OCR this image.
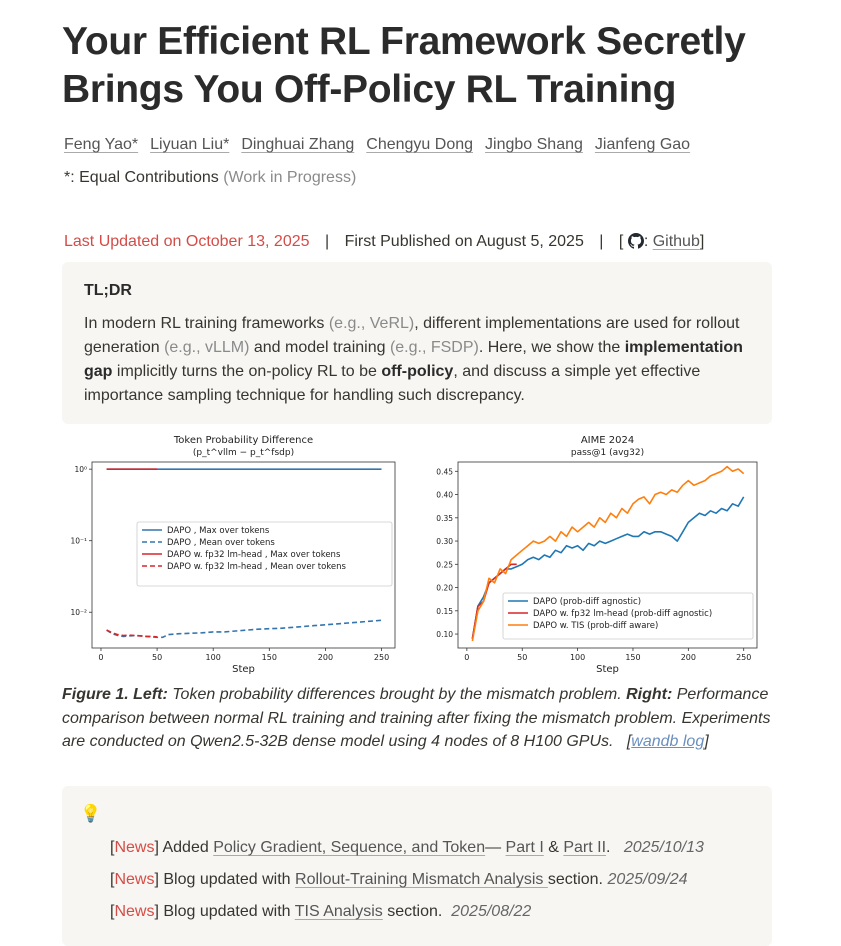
Your Efficient RL Framework Secretly
Brings You Off-Policy RL Training
Feng Yao* Liyuan Liu* Dinghuai Zhang Chengyu Dong Jingbo Shang Jianfeng Gao
*: Equal Contributions (Work in Progress)
Last Updated on October 13, 2025 | First Published on August 5, 2025 | [ : Github]

TL;DR

In modern RL training frameworks (e.g., VeRL), different implementations are used for rollout generation (e.g., vLLM) and model training (e.g., FSDP). Here, we show the implementation gap implicitly turns the on-policy RL to be off-policy, and discuss a simple yet effective importance sampling technique for handling such discrepancy.

Token Probability Difference
(p_t^vllm − p_t^fsdp)
0	50	100	150	200	250
Step
10⁰
10⁻¹
10⁻²
DAPO , Max over tokens
DAPO , Mean over tokens
DAPO w. fp32 lm-head , Max over tokens
DAPO w. fp32 lm-head , Mean over tokens
AIME 2024
pass@1 (avg32)
0	50	100	150	200	250
Step
0.10
0.15
0.20
0.25
0.30
0.35
0.40
0.45
DAPO (prob-diff agnostic)
DAPO w. fp32 lm-head (prob-diff agnostic)
DAPO w. TIS (prob-diff aware)

Figure 1. Left: Token probability differences brought by the mismatch problem. Right: Performance comparison between normal RL training and training after fixing the mismatch problem. Experiments are conducted on Qwen2.5-32B dense model using 4 nodes of 8 H100 GPUs. [wandb log]

💡
[News] Added Policy Gradient, Sequence, and Token— Part I & Part II. 2025/10/13
[News] Blog updated with Rollout-Training Mismatch Analysis section. 2025/09/24
[News] Blog updated with TIS Analysis section. 2025/08/22
